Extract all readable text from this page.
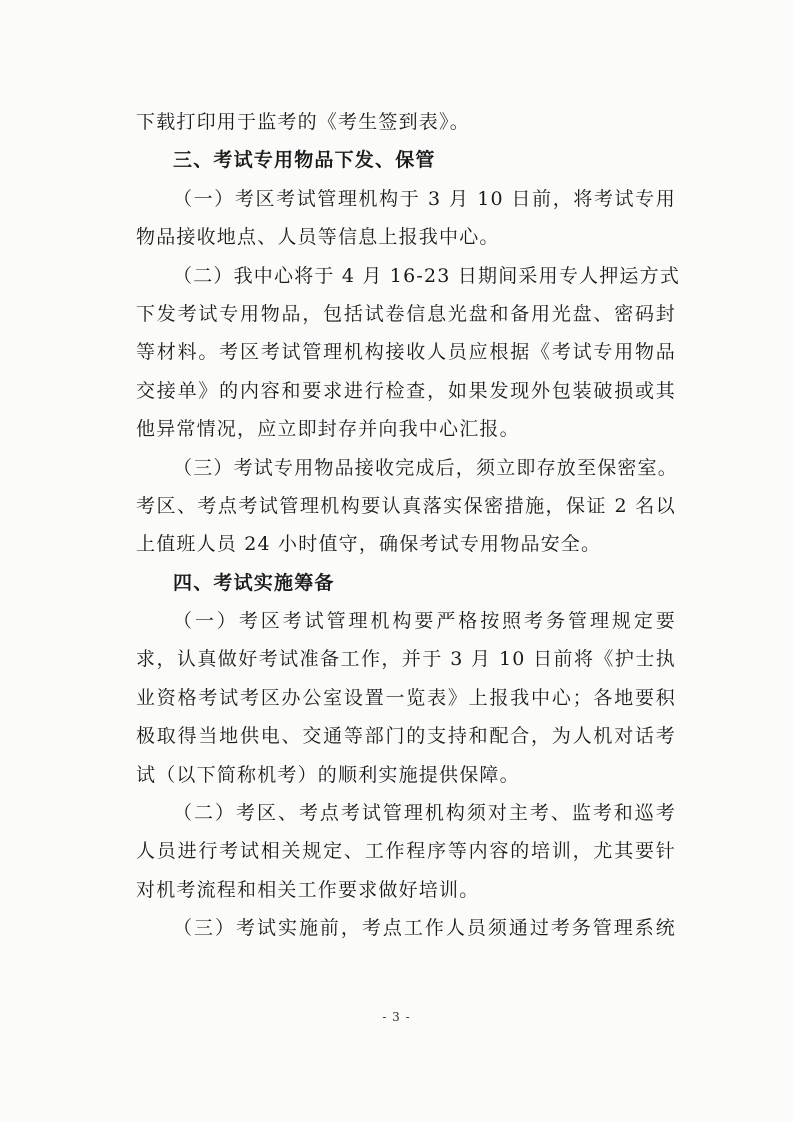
下载打印用于监考的《考生签到表》。
三、考试专用物品下发、保管
（一）考区考试管理机构于 3 月 10 日前，将考试专用
物品接收地点、人员等信息上报我中心。
（二）我中心将于 4 月 16-23 日期间采用专人押运方式
下发考试专用物品，包括试卷信息光盘和备用光盘、密码封
等材料。考区考试管理机构接收人员应根据《考试专用物品
交接单》的内容和要求进行检查，如果发现外包装破损或其
他异常情况，应立即封存并向我中心汇报。
（三）考试专用物品接收完成后，须立即存放至保密室。
考区、考点考试管理机构要认真落实保密措施，保证 2 名以
上值班人员 24 小时值守，确保考试专用物品安全。
四、考试实施筹备
（一）考区考试管理机构要严格按照考务管理规定要
求，认真做好考试准备工作，并于 3 月 10 日前将《护士执
业资格考试考区办公室设置一览表》上报我中心；各地要积
极取得当地供电、交通等部门的支持和配合，为人机对话考
试（以下简称机考）的顺利实施提供保障。
（二）考区、考点考试管理机构须对主考、监考和巡考
人员进行考试相关规定、工作程序等内容的培训，尤其要针
对机考流程和相关工作要求做好培训。
（三）考试实施前，考点工作人员须通过考务管理系统
- 3 -
